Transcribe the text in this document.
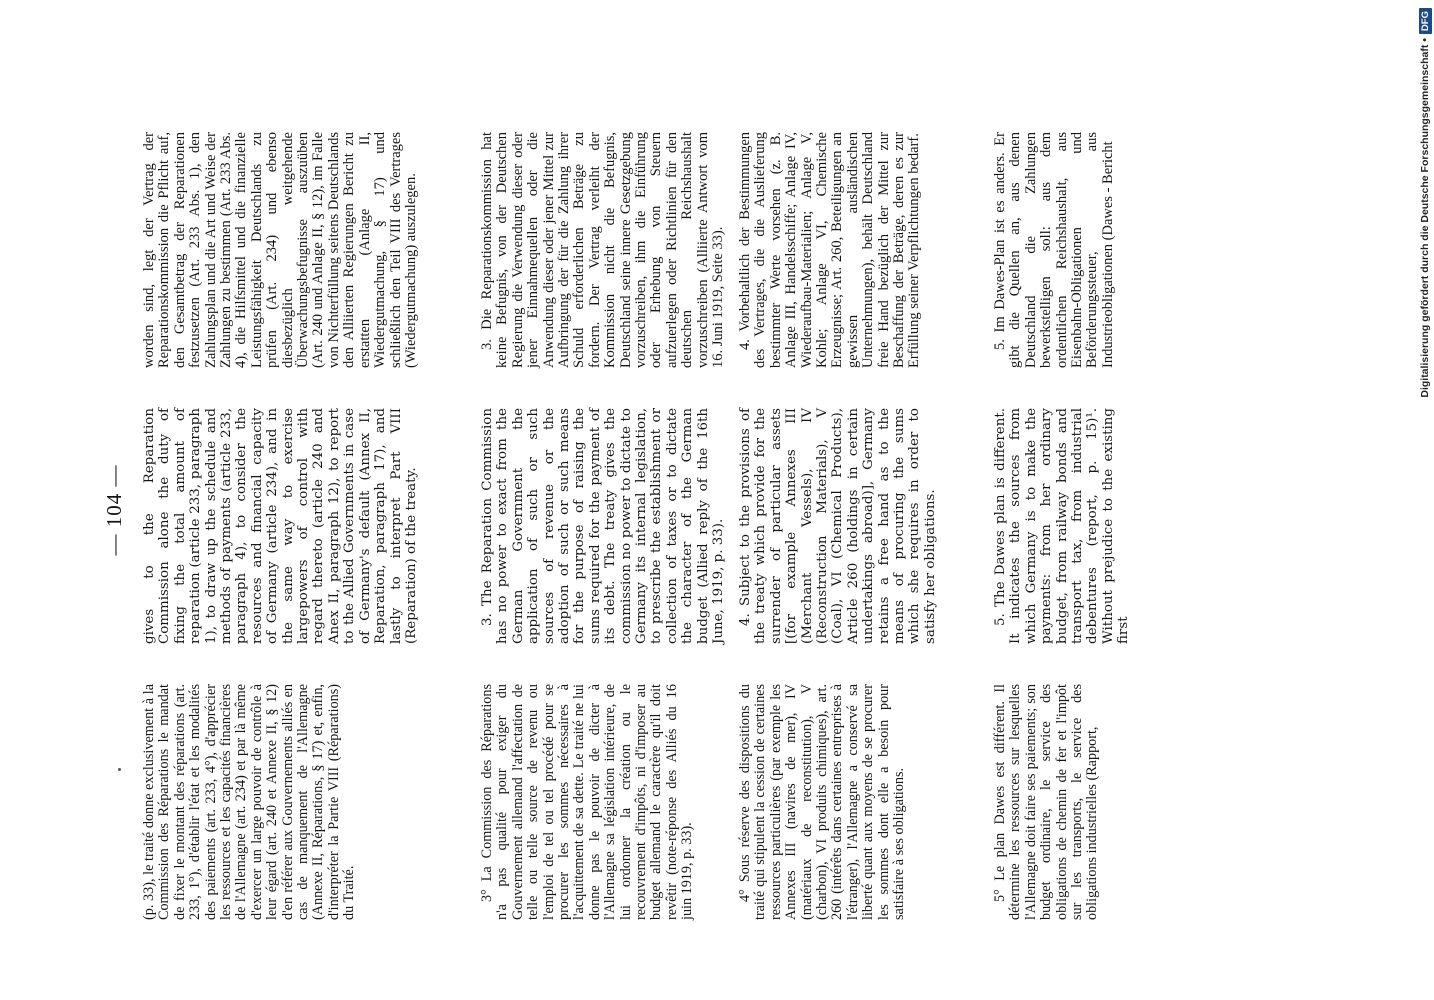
— 104 —

(p. 33), le traité donne exclusivement à la Commission des Réparations le mandat de fixer le montant des réparations (art. 233, 1°), d'établir l'état et les modalités des paiements (art. 233, 4°), d'apprécier les ressources et les capacités financières de l'Allemagne (art. 234) et par là même d'exercer un large pouvoir de contrôle à leur égard (art. 240 et Annexe II, § 12) d'en référer aux Gouvernements alliés en cas de manquement de l'Allemagne (Annexe II, Réparations, § 17) et, enfin, d'interpréter la Partie VIII (Réparations) du Traité.	3° La Commission des Réparations n'a pas qualité pour exiger du Gouvernement allemand l'affectation de telle ou telle source de revenu ou l'emploi de tel ou tel procédé pour se procurer les sommes nécessaires à l'acquittement de sa dette. Le traité ne lui donne pas le pouvoir de dicter à l'Allemagne sa législation intérieure, de lui ordonner la création ou le recouvrement d'impôts, ni d'imposer au budget allemand le caractère qu'il doit revêtir (note-réponse des Alliés du 16 juin 1919, p. 33).	4° Sous réserve des dispositions du traité qui stipulent la cession de certaines ressources particulières (par exemple les Annexes III (navires de mer), IV (matériaux de reconstitution), V (charbon), VI produits chimiques), art. 260 (intérêts dans certaines entreprises à l'étranger), l'Allemagne a conservé sa liberté quant aux moyens de se procurer les sommes dont elle a besoin pour satisfaire à ses obligations.	5° Le plan Dawes est différent. Il détermine les ressources sur lesquelles l'Allemagne doit faire ses paiements; son budget ordinaire, le service des obligations de chemin de fer et l'impôt sur les transports, le service des obligations industrielles (Rapport,

gives to the Reparation Commission alone the duty of fixing the total amount of reparation (article 233, paragraph 1), to draw up the schedule and methods of payments (article 233, paragraph 4), to consider the resources and financial capacity of Germany (article 234), and in the same way to exercise largepowers of control with regard thereto (article 240 and Anex II, paragraph 12), to report to the Allied Governments in case of Germany's default (Annex II, Reparation, paragraph 17), and lastly to interpret Part VIII (Reparation) of the treaty.	3. The Reparation Commission has no power to exact from the German Government the application of such or such sources of revenue or the adoption of such or such means for the purpose of raising the sums required for the payment of its debt. The treaty gives the commission no power to dictate to Germany its internal legislation, to prescribe the establishment or collection of taxes or to dictate the character of the German budget (Allied reply of the 16th June, 1919, p. 33). 4. Subject to the provisions of the treaty which provide for the surrender of particular assets [(for example Annexes III (Merchant Vessels), IV (Reconstruction Materials), V (Coal), VI (Chemical Products), Article 260 (holdings in certain undertakings abroad)], Germany retains a free hand as to the means of procuring the sums which she requires in order to satisfy her obligations.	5. The Dawes plan is different. It indicates the sources from which Germany is to make the payments: from her ordinary budget, from railway bonds and transport tax, from industrial debentures (report, p. 15)¹. Without prejudice to the existing first

worden sind, legt der Vertrag der Reparationskommission die Pflicht auf, den Gesamtbetrag der Reparationen festzusetzen (Art. 233 Abs. 1), den Zahlungsplan und die Art und Weise der Zahlungen zu bestimmen (Art. 233 Abs. 4), die Hilfsmittel und die finanzielle Leistungsfähigkeit Deutschlands zu prüfen (Art. 234) und ebenso diesbezüglich weitgehende Überwachungsbefugnisse auszuüben (Art. 240 und Anlage II, § 12), im Falle von Nichterfüllung seitens Deutschlands den Alliierten Regierungen Bericht zu erstatten (Anlage II, Wiedergutmachung, § 17) und schließlich den Teil VIII des Vertrages (Wiedergutmachung) auszulegen.	3. Die Reparationskommission hat keine Befugnis, von der Deutschen Regierung die Verwendung dieser oder jener Einnahmequellen oder die Anwendung dieser oder jener Mittel zur Aufbringung der für die Zahlung ihrer Schuld erforderlichen Beträge zu fordern. Der Vertrag verleiht der Kommission nicht die Befugnis, Deutschland seine innere Gesetzgebung vorzuschreiben, ihm die Einführung oder Erhebung von Steuern aufzuerlegen oder Richtlinien für den deutschen Reichshaushalt vorzuschreiben (Alliierte Antwort vom 16. Juni 1919, Seite 33). 4. Vorbehaltlich der Bestimmungen des Vertrages, die die Auslieferung bestimmter Werte vorsehen (z. B. Anlage III, Handelsschiffe; Anlage IV, Wiederaufbau-Materialien; Anlage V, Kohle; Anlage VI, Chemische Erzeugnisse; Art. 260, Beteiligungen an gewissen ausländischen Unternehmungen), behält Deutschland freie Hand bezüglich der Mittel zur Beschaffung der Beträge, deren es zur Erfüllung seiner Verpflichtungen bedarf.	5. Im Dawes-Plan ist es anders. Er gibt die Quellen an, aus denen Deutschland die Zahlungen bewerkstelligen soll: aus dem ordentlichen Reichshaushalt, aus Eisenbahn-Obligationen und Beförderungssteuer, aus Industrieobligationen (Dawes - Bericht	Digitalisierung gefördert durch die Deutsche Forschungsgemeinschaft •
DFG
